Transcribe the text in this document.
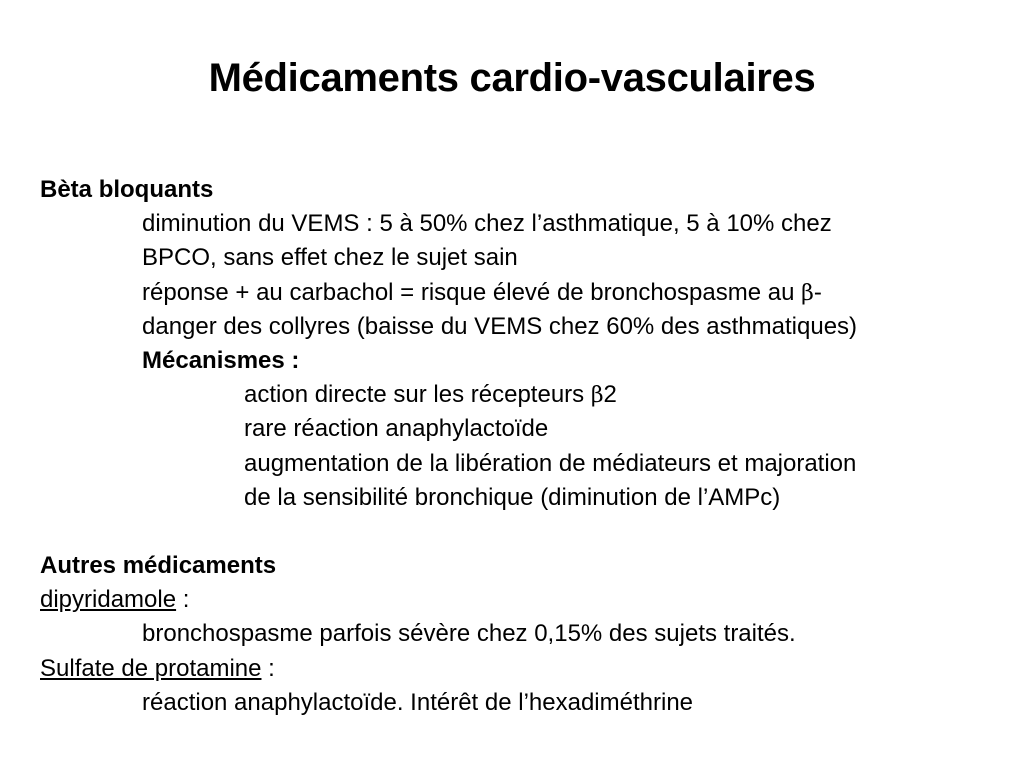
Médicaments cardio-vasculaires
Bèta bloquants
diminution du VEMS : 5 à 50% chez l’asthmatique, 5 à 10% chez
BPCO, sans effet chez le sujet sain
réponse + au carbachol = risque élevé de bronchospasme au β-
danger des collyres (baisse du VEMS chez 60% des asthmatiques)
Mécanismes :
action directe sur les récepteurs β2
rare réaction anaphylactoïde
augmentation de la libération de médiateurs et majoration
de la sensibilité bronchique (diminution de l’AMPc)
Autres médicaments
dipyridamole :
bronchospasme parfois sévère chez 0,15% des sujets traités.
Sulfate de protamine :
réaction anaphylactoïde. Intérêt de l’hexadiméthrine
